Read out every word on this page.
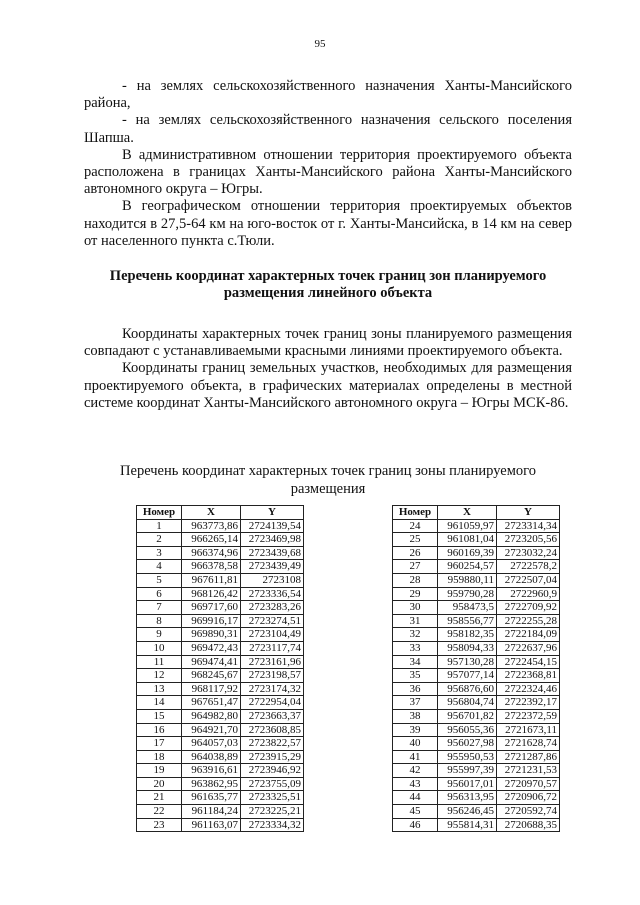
95

- на землях сельскохозяйственного назначения Ханты-Мансийского района,

- на землях сельскохозяйственного назначения сельского поселения Шапша.

В административном отношении территория проектируемого объекта расположена в границах Ханты-Мансийского района Ханты-Мансийского автономного округа – Югры.

В географическом отношении территория проектируемых объектов находится в 27,5-64 км на юго-восток от г. Ханты-Мансийска, в 14 км на север от населенного пункта с.Тюли.

Перечень координат характерных точек границ зон планируемого размещения линейного объекта

Координаты характерных точек границ зоны планируемого размещения совпадают с устанавливаемыми красными линиями проектируемого объекта.

Координаты границ земельных участков, необходимых для размещения проектируемого объекта, в графических материалах определены в местной системе координат Ханты-Мансийского автономного округа – Югры МСК-86.

Перечень координат характерных точек границ зоны планируемого размещения
Номер	X	Y
1	963773,86	2724139,54
2	966265,14	2723469,98
3	966374,96	2723439,68
4	966378,58	2723439,49
5	967611,81	2723108
6	968126,42	2723336,54
7	969717,60	2723283,26
8	969916,17	2723274,51
9	969890,31	2723104,49
10	969472,43	2723117,74
11	969474,41	2723161,96
12	968245,67	2723198,57
13	968117,92	2723174,32
14	967651,47	2722954,04
15	964982,80	2723663,37
16	964921,70	2723608,85
17	964057,03	2723822,57
18	964038,89	2723915,29
19	963916,61	2723946,92
20	963862,95	2723755,09
21	961635,77	2723325,51
22	961184,24	2723225,21
23	961163,07	2723334,32
Номер	X	Y
24	961059,97	2723314,34
25	961081,04	2723205,56
26	960169,39	2723032,24
27	960254,57	2722578,2
28	959880,11	2722507,04
29	959790,28	2722960,9
30	958473,5	2722709,92
31	958556,77	2722255,28
32	958182,35	2722184,09
33	958094,33	2722637,96
34	957130,28	2722454,15
35	957077,14	2722368,81
36	956876,60	2722324,46
37	956804,74	2722392,17
38	956701,82	2722372,59
39	956055,36	2721673,11
40	956027,98	2721628,74
41	955950,53	2721287,86
42	955997,39	2721231,53
43	956017,01	2720970,57
44	956313,95	2720906,72
45	956246,45	2720592,74
46	955814,31	2720688,35
